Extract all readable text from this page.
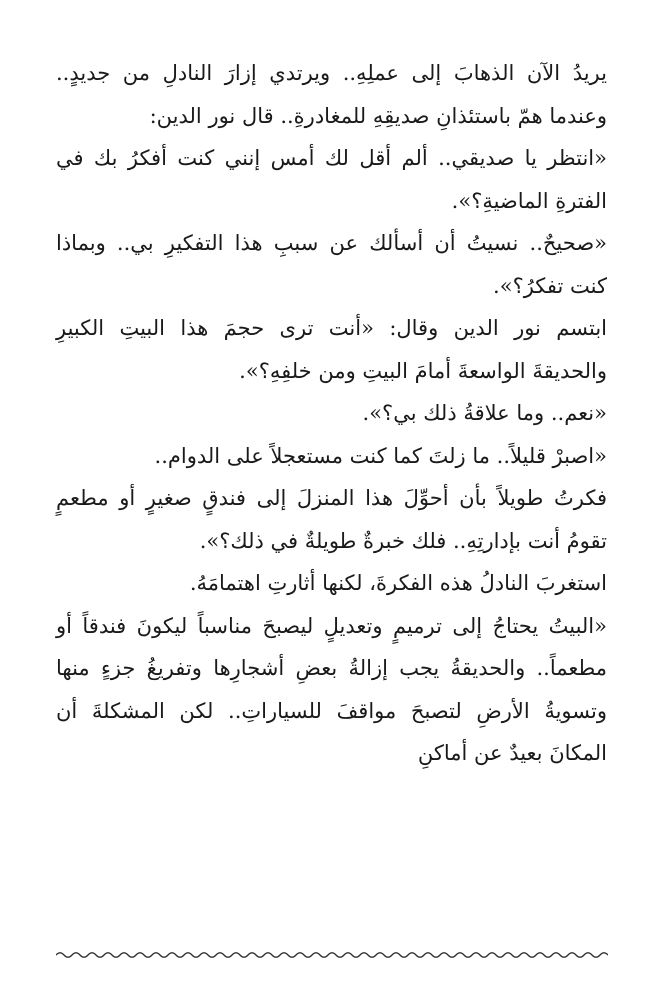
يريدُ الآن الذهابَ إلى عملِهِ.. ويرتدي إزارَ النادلِ من جديدٍ.. وعندما همّ باستئذانِ صديقِهِ للمغادرةِ.. قال نور الدين:

«انتظر يا صديقي.. ألم أقل لك أمس إنني كنت أفكرُ بك في الفترةِ الماضيةِ؟».

«صحيحٌ.. نسيتُ أن أسألك عن سببِ هذا التفكيرِ بي.. وبماذا كنت تفكرُ؟».

ابتسم نور الدين وقال: «أنت ترى حجمَ هذا البيتِ الكبيرِ والحديقةَ الواسعةَ أمامَ البيتِ ومن خلفِهِ؟».

«نعم.. وما علاقةُ ذلك بي؟».

«اصبرْ قليلاً.. ما زلتَ كما كنت مستعجلاً على الدوام..

فكرتُ طويلاً بأن أحوِّلَ هذا المنزلَ إلى فندقٍ صغيرٍ أو مطعمٍ تقومُ أنت بإدارتِهِ.. فلك خبرةٌ طويلةٌ في ذلك؟».

استغربَ النادلُ هذه الفكرةَ، لكنها أثارتِ اهتمامَهُ.

«البيتُ يحتاجُ إلى ترميمٍ وتعديلٍ ليصبحَ مناسباً ليكونَ فندقاً أو مطعماً.. والحديقةُ يجب إزالةُ بعضِ أشجارِها وتفريغُ جزءٍ منها وتسويةُ الأرضِ لتصبحَ مواقفَ للسياراتِ.. لكن المشكلةَ أن المكانَ بعيدٌ عن أماكنِ
